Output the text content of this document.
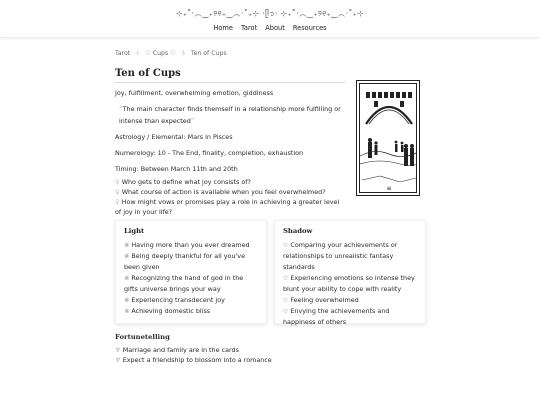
⊹₊˚‧︵‿₊୨୧₊‿︵‧˚₊⊹ ·ᥫ᭡· ⊹₊˚‧︵‿₊୨୧₊‿︵‧˚₊⊹
Home Tarot About Resources
Tarot ⊹ ♡ Cups ♡ ⊹ Ten of Cups
Ten of Cups

Joy, fulfillment, overwhelming emotion, giddiness

“The main character finds themself in a relationship more fulfilling or intense than expected”

Astrology / Elemental: Mars in Pisces

Numerology: 10 - The End, finality, completion, exhaustion

Timing: Between March 11th and 20th

♀ Who gets to define what joy consists of?
♀ What course of action is available when you feel overwhelmed?
♀ How might vows or promises play a role in achieving a greater level of joy in your life?
≡
Light
❀ Having more than you ever dreamed
❀ Being deeply thankful for all you've been given
❀ Recognizing the hand of god in the gifts universe brings your way
❀ Experiencing transdecent joy
❀ Achieving domestic bliss
Shadow
✩ Comparing your achievements or relationships to unrealistic fantasy standards
✩ Experiencing emotions so intense they blunt your ability to cope with reality
✩ Feeling overwhelmed
✩ Envying the achievements and happiness of others
Fortunetelling
♆ Marriage and family are in the cards
♆ Expect a friendship to blossom into a romance
